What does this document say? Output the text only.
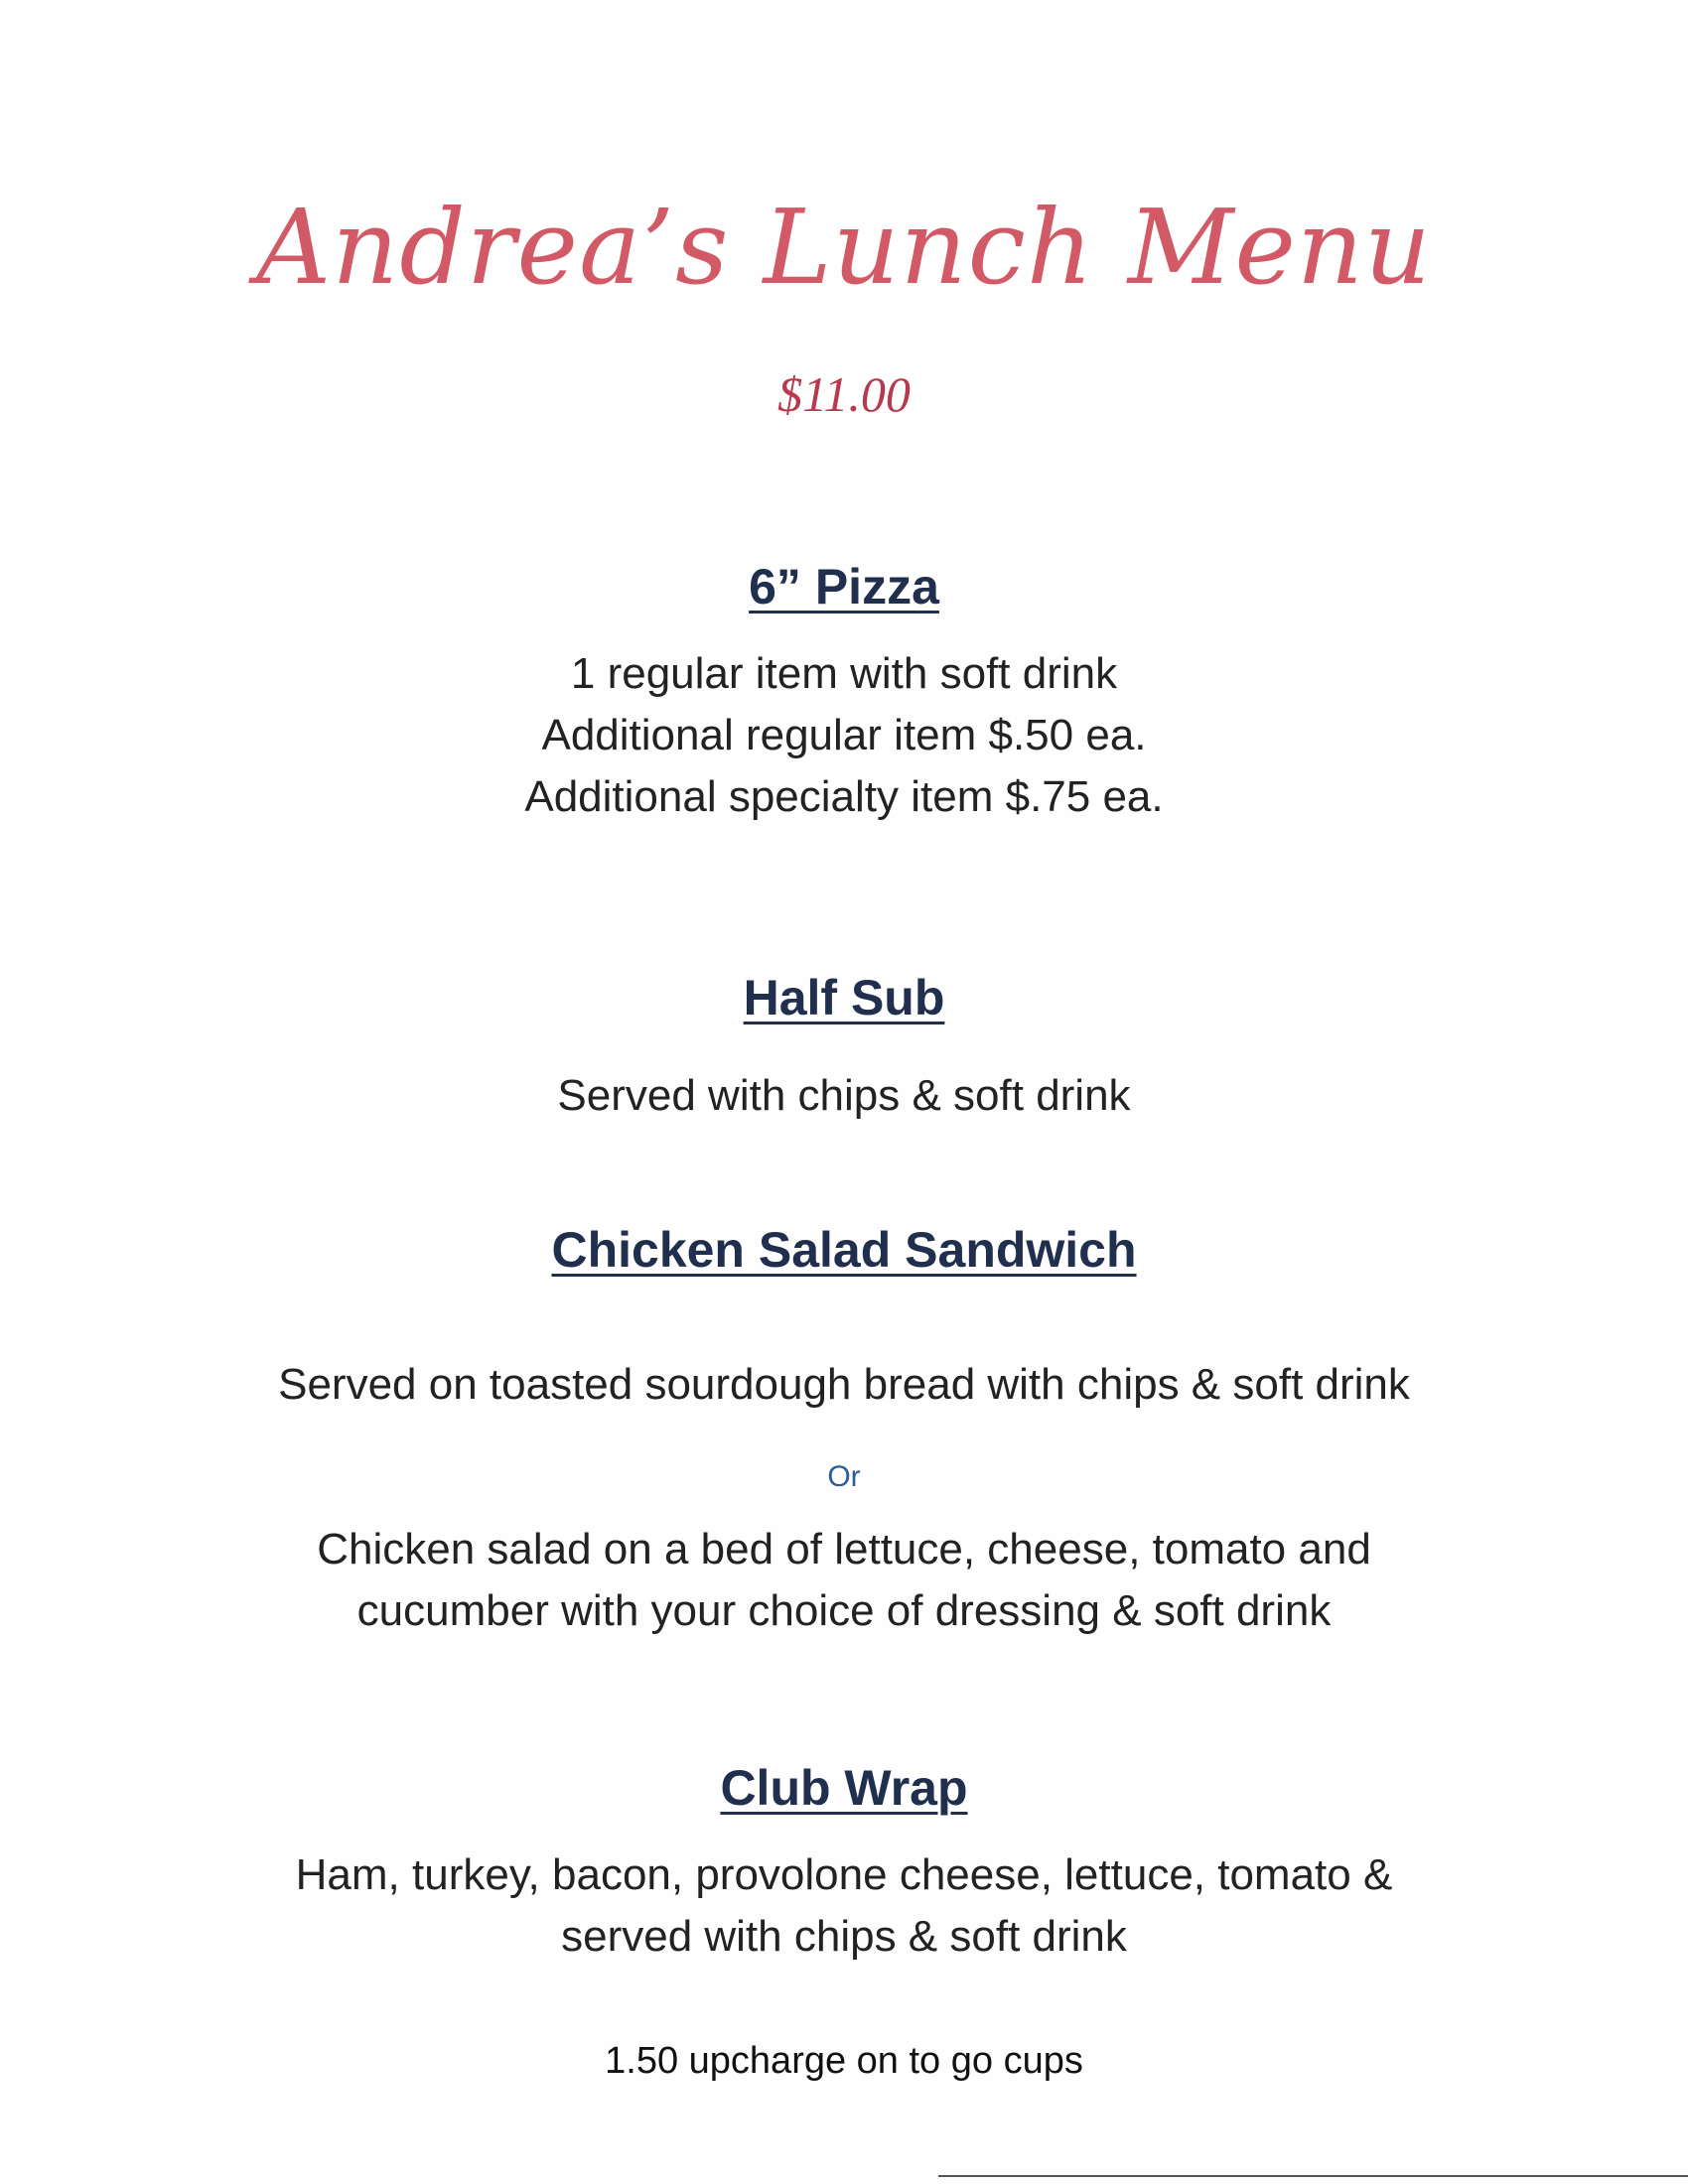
Andrea’s Lunch Menu
$11.00
6” Pizza
1 regular item with soft drink
Additional regular item $.50 ea.
Additional specialty item $.75 ea.
Half Sub
Served with chips & soft drink
Chicken Salad Sandwich
Served on toasted sourdough bread with chips & soft drink
Or
Chicken salad on a bed of lettuce, cheese, tomato and
cucumber with your choice of dressing & soft drink
Club Wrap
Ham, turkey, bacon, provolone cheese, lettuce, tomato &
served with chips & soft drink
1.50 upcharge on to go cups
